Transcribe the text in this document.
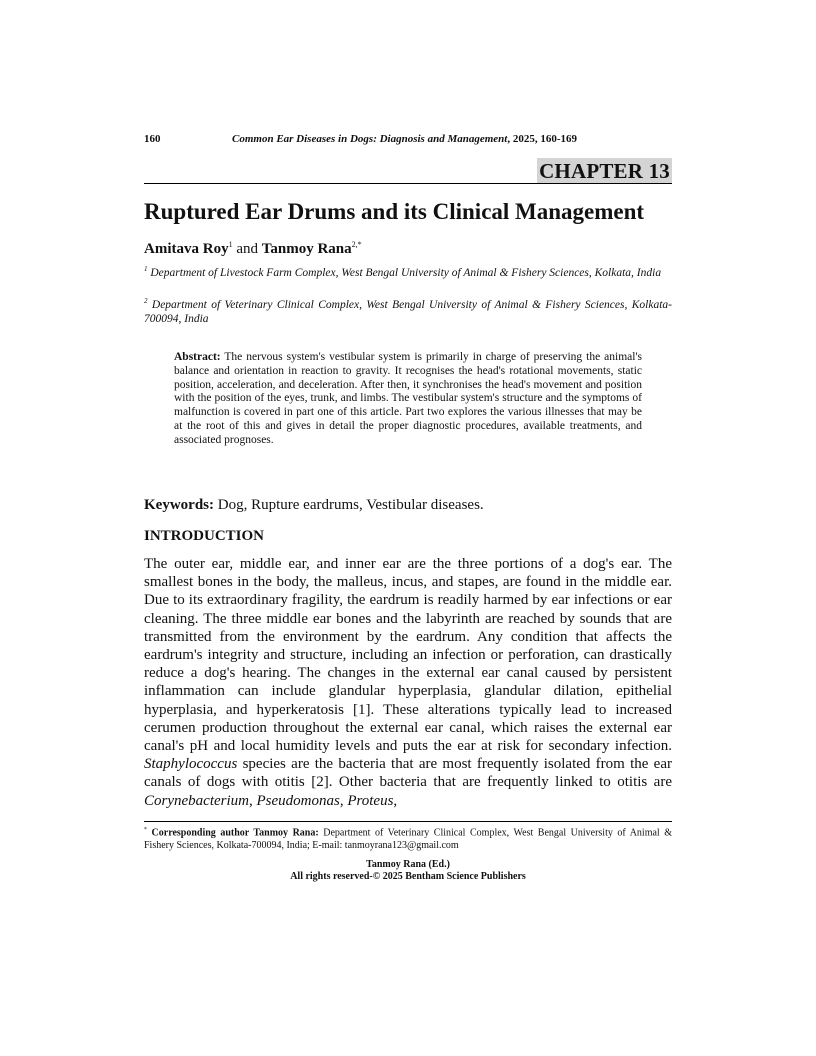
160	Common Ear Diseases in Dogs: Diagnosis and Management, 2025, 160-169
CHAPTER 13
Ruptured Ear Drums and its Clinical Management
Amitava Roy$^1$ and Tanmoy Rana$^{2,*}$

$^1$ Department of Livestock Farm Complex, West Bengal University of Animal & Fishery Sciences, Kolkata, India

$^2$ Department of Veterinary Clinical Complex, West Bengal University of Animal & Fishery Sciences, Kolkata-700094, India

Abstract: The nervous system's vestibular system is primarily in charge of preserving the animal's balance and orientation in reaction to gravity. It recognises the head's rotational movements, static position, acceleration, and deceleration. After then, it synchronises the head's movement and position with the position of the eyes, trunk, and limbs. The vestibular system's structure and the symptoms of malfunction is covered in part one of this article. Part two explores the various illnesses that may be at the root of this and gives in detail the proper diagnostic procedures, available treatments, and associated prognoses.

Keywords: Dog, Rupture eardrums, Vestibular diseases.
INTRODUCTION

The outer ear, middle ear, and inner ear are the three portions of a dog's ear. The smallest bones in the body, the malleus, incus, and stapes, are found in the middle ear. Due to its extraordinary fragility, the eardrum is readily harmed by ear infections or ear cleaning. The three middle ear bones and the labyrinth are reached by sounds that are transmitted from the environment by the eardrum. Any condition that affects the eardrum's integrity and structure, including an infection or perforation, can drastically reduce a dog's hearing. The changes in the external ear canal caused by persistent inflammation can include glandular hyperplasia, glandular dilation, epithelial hyperplasia, and hyperkeratosis [1]. These alterations typically lead to increased cerumen production throughout the external ear canal, which raises the external ear canal's pH and local humidity levels and puts the ear at risk for secondary infection. Staphylococcus species are the bacteria that are most frequently isolated from the ear canals of dogs with otitis [2]. Other bacteria that are frequently linked to otitis are Corynebacterium, Pseudomonas, Proteus,

* Corresponding author Tanmoy Rana: Department of Veterinary Clinical Complex, West Bengal University of Animal & Fishery Sciences, Kolkata-700094, India; E-mail: tanmoyrana123@gmail.com

Tanmoy Rana (Ed.)
All rights reserved-© 2025 Bentham Science Publishers
